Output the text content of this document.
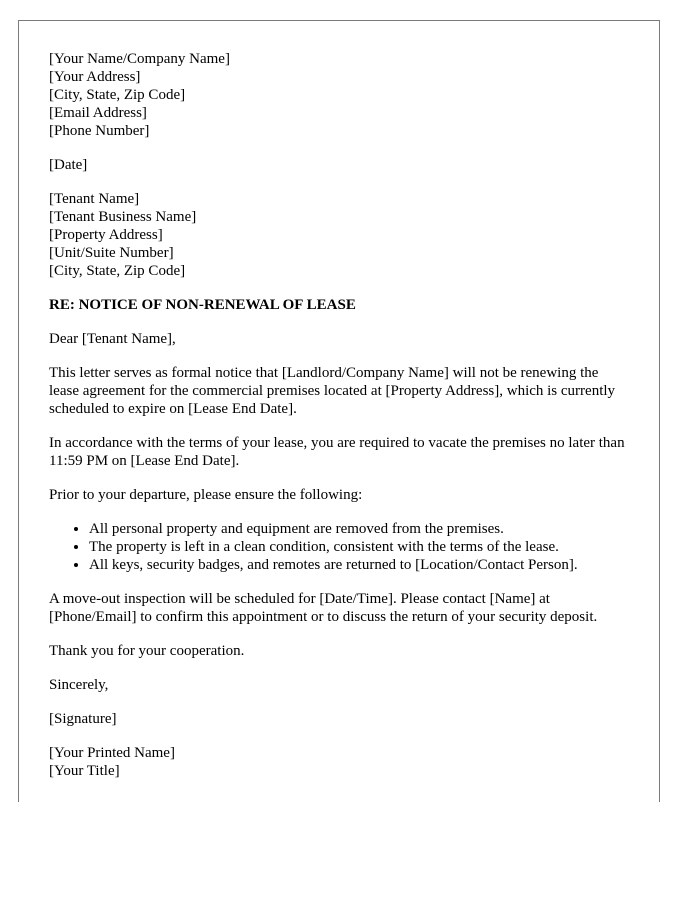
[Your Name/Company Name]
[Your Address]
[City, State, Zip Code]
[Email Address]
[Phone Number]
[Date]
[Tenant Name]
[Tenant Business Name]
[Property Address]
[Unit/Suite Number]
[City, State, Zip Code]
RE: NOTICE OF NON-RENEWAL OF LEASE

Dear [Tenant Name],

This letter serves as formal notice that [Landlord/Company Name] will not be renewing the lease agreement for the commercial premises located at [Property Address], which is currently scheduled to expire on [Lease End Date].

In accordance with the terms of your lease, you are required to vacate the premises no later than 11:59 PM on [Lease End Date].

Prior to your departure, please ensure the following:

• All personal property and equipment are removed from the premises.
• The property is left in a clean condition, consistent with the terms of the lease.
• All keys, security badges, and remotes are returned to [Location/Contact Person].

A move-out inspection will be scheduled for [Date/Time]. Please contact [Name] at [Phone/Email] to confirm this appointment or to discuss the return of your security deposit.

Thank you for your cooperation.

Sincerely,

[Signature]

[Your Printed Name]
[Your Title]
